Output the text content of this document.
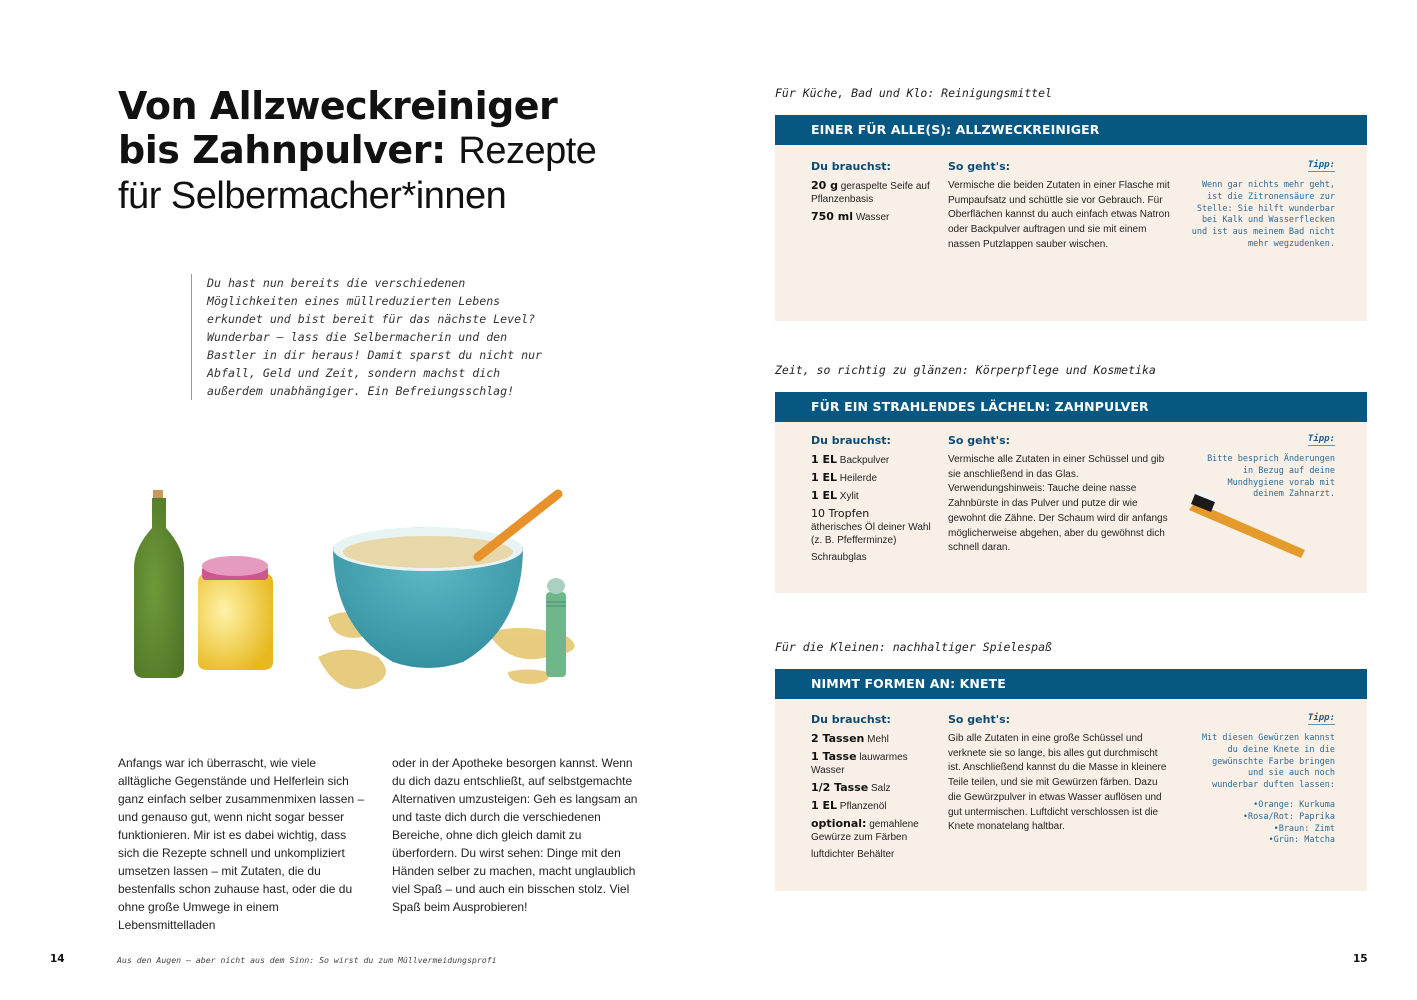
Von Allzweckreiniger bis Zahnpulver: Rezepte für Selbermacher*innen

Du hast nun bereits die verschiedenen Möglichkeiten eines müllreduzierten Lebens erkundet und bist bereit für das nächste Level? Wunderbar – lass die Selbermacherin und den Bastler in dir heraus! Damit sparst du nicht nur Abfall, Geld und Zeit, sondern machst dich außerdem unabhängiger. Ein Befreiungsschlag!

Anfangs war ich überrascht, wie viele alltägliche Gegenstände und Helferlein sich ganz einfach selber zusammenmixen lassen – und genauso gut, wenn nicht sogar besser funktionieren. Mir ist es dabei wichtig, dass sich die Rezepte schnell und unkompliziert umsetzen lassen – mit Zutaten, die du bestenfalls schon zuhause hast, oder die du ohne große Umwege in einem Lebensmittelladen

oder in der Apotheke besorgen kannst. Wenn du dich dazu entschließt, auf selbstgemachte Alternativen umzusteigen: Geh es langsam an und taste dich durch die verschiedenen Bereiche, ohne dich gleich damit zu überfordern. Du wirst sehen: Dinge mit den Händen selber zu machen, macht unglaublich viel Spaß – und auch ein bisschen stolz. Viel Spaß beim Ausprobieren!

14	Aus den Augen – aber nicht aus dem Sinn: So wirst du zum Müllvermeidungsprofi
Für Küche, Bad und Klo: Reinigungsmittel
EINER FÜR ALLE(S): ALLZWECKREINIGER
Du brauchst:	So geht's:
20 g geraspelte Seife auf Pflanzenbasis
750 ml Wasser

Vermische die beiden Zutaten in einer Flasche mit Pumpaufsatz und schüttle sie vor Gebrauch. Für Oberflächen kannst du auch einfach etwas Natron oder Backpulver auftragen und sie mit einem nassen Putzlappen sauber wischen.

Tipp:

Wenn gar nichts mehr geht, ist die Zitronensäure zur Stelle: Sie hilft wunderbar bei Kalk und Wasserflecken und ist aus meinem Bad nicht mehr wegzudenken.

Zeit, so richtig zu glänzen: Körperpflege und Kosmetika
FÜR EIN STRAHLENDES LÄCHELN: ZAHNPULVER
Du brauchst:	So geht's:
1 EL Backpulver
1 EL Heilerde
1 EL Xylit
10 Tropfen
ätherisches Öl deiner Wahl (z. B. Pfefferminze)
Schraubglas

Vermische alle Zutaten in einer Schüssel und gib sie anschließend in das Glas. Verwendungshinweis: Tauche deine nasse Zahnbürste in das Pulver und putze dir wie gewohnt die Zähne. Der Schaum wird dir anfangs möglicherweise abgehen, aber du gewöhnst dich schnell daran.

Tipp:

Bitte besprich Änderungen in Bezug auf deine Mundhygiene vorab mit deinem Zahnarzt.

Für die Kleinen: nachhaltiger Spielespaß
NIMMT FORMEN AN: KNETE
Du brauchst:	So geht's:
2 Tassen Mehl
1 Tasse lauwarmes Wasser
1/2 Tasse Salz
1 EL Pflanzenöl
optional: gemahlene Gewürze zum Färben
luftdichter Behälter

Gib alle Zutaten in eine große Schüssel und verknete sie so lange, bis alles gut durchmischt ist. Anschließend kannst du die Masse in kleinere Teile teilen, und sie mit Gewürzen färben. Dazu die Gewürzpulver in etwas Wasser auflösen und gut untermischen. Luftdicht verschlossen ist die Knete monatelang haltbar.

Tipp:

Mit diesen Gewürzen kannst du deine Knete in die gewünschte Farbe bringen und sie auch noch wunderbar duften lassen:

•Orange: Kurkuma
•Rosa/Rot: Paprika
•Braun: Zimt
•Grün: Matcha
15
